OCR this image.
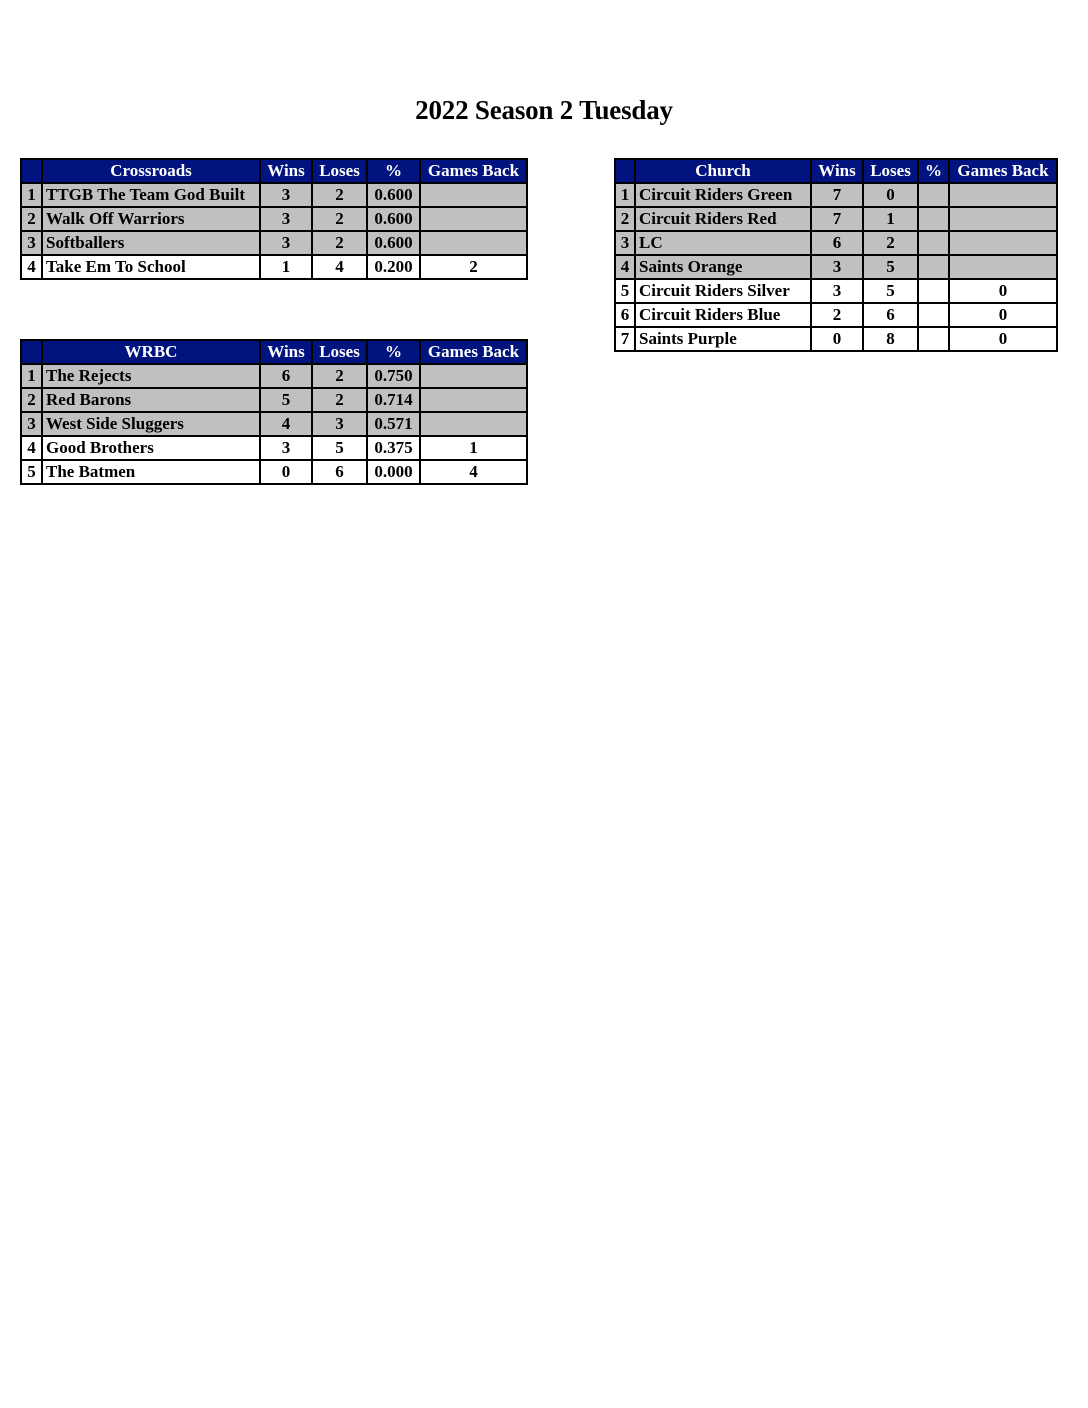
2022 Season 2 Tuesday
	Crossroads	Wins	Loses	%	Games Back
1	TTGB The Team God Built	3	2	0.600	
2	Walk Off Warriors	3	2	0.600	
3	Softballers	3	2	0.600	
4	Take Em To School	1	4	0.200	2
	WRBC	Wins	Loses	%	Games Back
1	The Rejects	6	2	0.750	
2	Red Barons	5	2	0.714	
3	West Side Sluggers	4	3	0.571	
4	Good Brothers	3	5	0.375	1
5	The Batmen	0	6	0.000	4
	Church	Wins	Loses	%	Games Back
1	Circuit Riders Green	7	0		
2	Circuit Riders Red	7	1		
3	LC	6	2		
4	Saints Orange	3	5		
5	Circuit Riders Silver	3	5		0
6	Circuit Riders Blue	2	6		0
7	Saints Purple	0	8		0
